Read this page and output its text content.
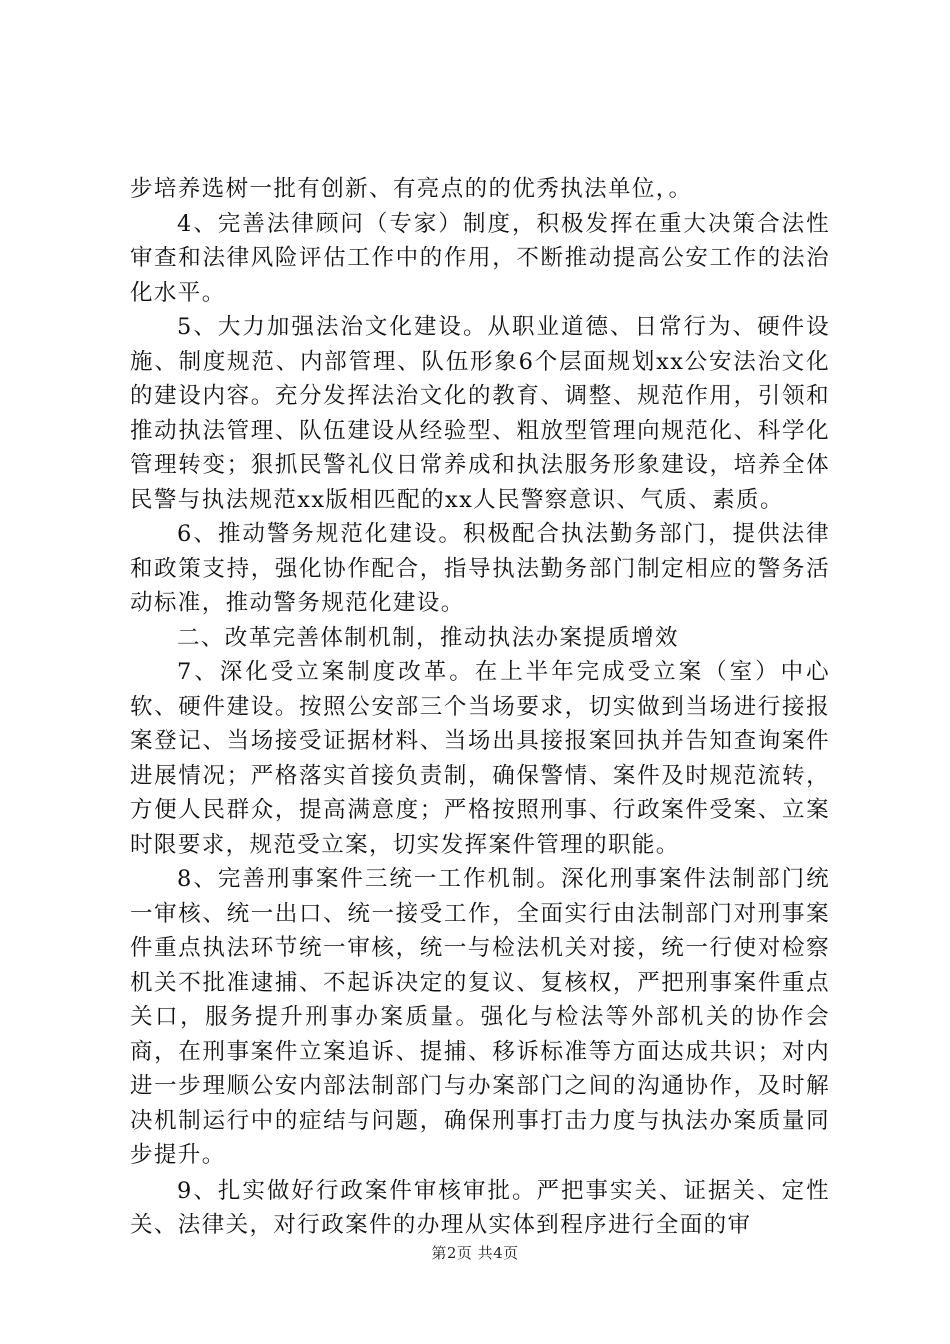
步培养选树一批有创新、有亮点的的优秀执法单位，。

4、完善法律顾问（专家）制度，积极发挥在重大决策合法性审查和法律风险评估工作中的作用，不断推动提高公安工作的法治化水平。

5、大力加强法治文化建设。从职业道德、日常行为、硬件设施、制度规范、内部管理、队伍形象6个层面规划xx公安法治文化的建设内容。充分发挥法治文化的教育、调整、规范作用，引领和推动执法管理、队伍建设从经验型、粗放型管理向规范化、科学化管理转变；狠抓民警礼仪日常养成和执法服务形象建设，培养全体民警与执法规范xx版相匹配的xx人民警察意识、气质、素质。

6、推动警务规范化建设。积极配合执法勤务部门，提供法律和政策支持，强化协作配合，指导执法勤务部门制定相应的警务活动标准，推动警务规范化建设。

二、改革完善体制机制，推动执法办案提质增效

7、深化受立案制度改革。在上半年完成受立案（室）中心软、硬件建设。按照公安部三个当场要求，切实做到当场进行接报案登记、当场接受证据材料、当场出具接报案回执并告知查询案件进展情况；严格落实首接负责制，确保警情、案件及时规范流转，方便人民群众，提高满意度；严格按照刑事、行政案件受案、立案时限要求，规范受立案，切实发挥案件管理的职能。

8、完善刑事案件三统一工作机制。深化刑事案件法制部门统一审核、统一出口、统一接受工作，全面实行由法制部门对刑事案件重点执法环节统一审核，统一与检法机关对接，统一行使对检察机关不批准逮捕、不起诉决定的复议、复核权，严把刑事案件重点关口，服务提升刑事办案质量。强化与检法等外部机关的协作会商，在刑事案件立案追诉、提捕、移诉标准等方面达成共识；对内进一步理顺公安内部法制部门与办案部门之间的沟通协作，及时解决机制运行中的症结与问题，确保刑事打击力度与执法办案质量同步提升。

9、扎实做好行政案件审核审批。严把事实关、证据关、定性关、法律关，对行政案件的办理从实体到程序进行全面的审

第2页 共4页
